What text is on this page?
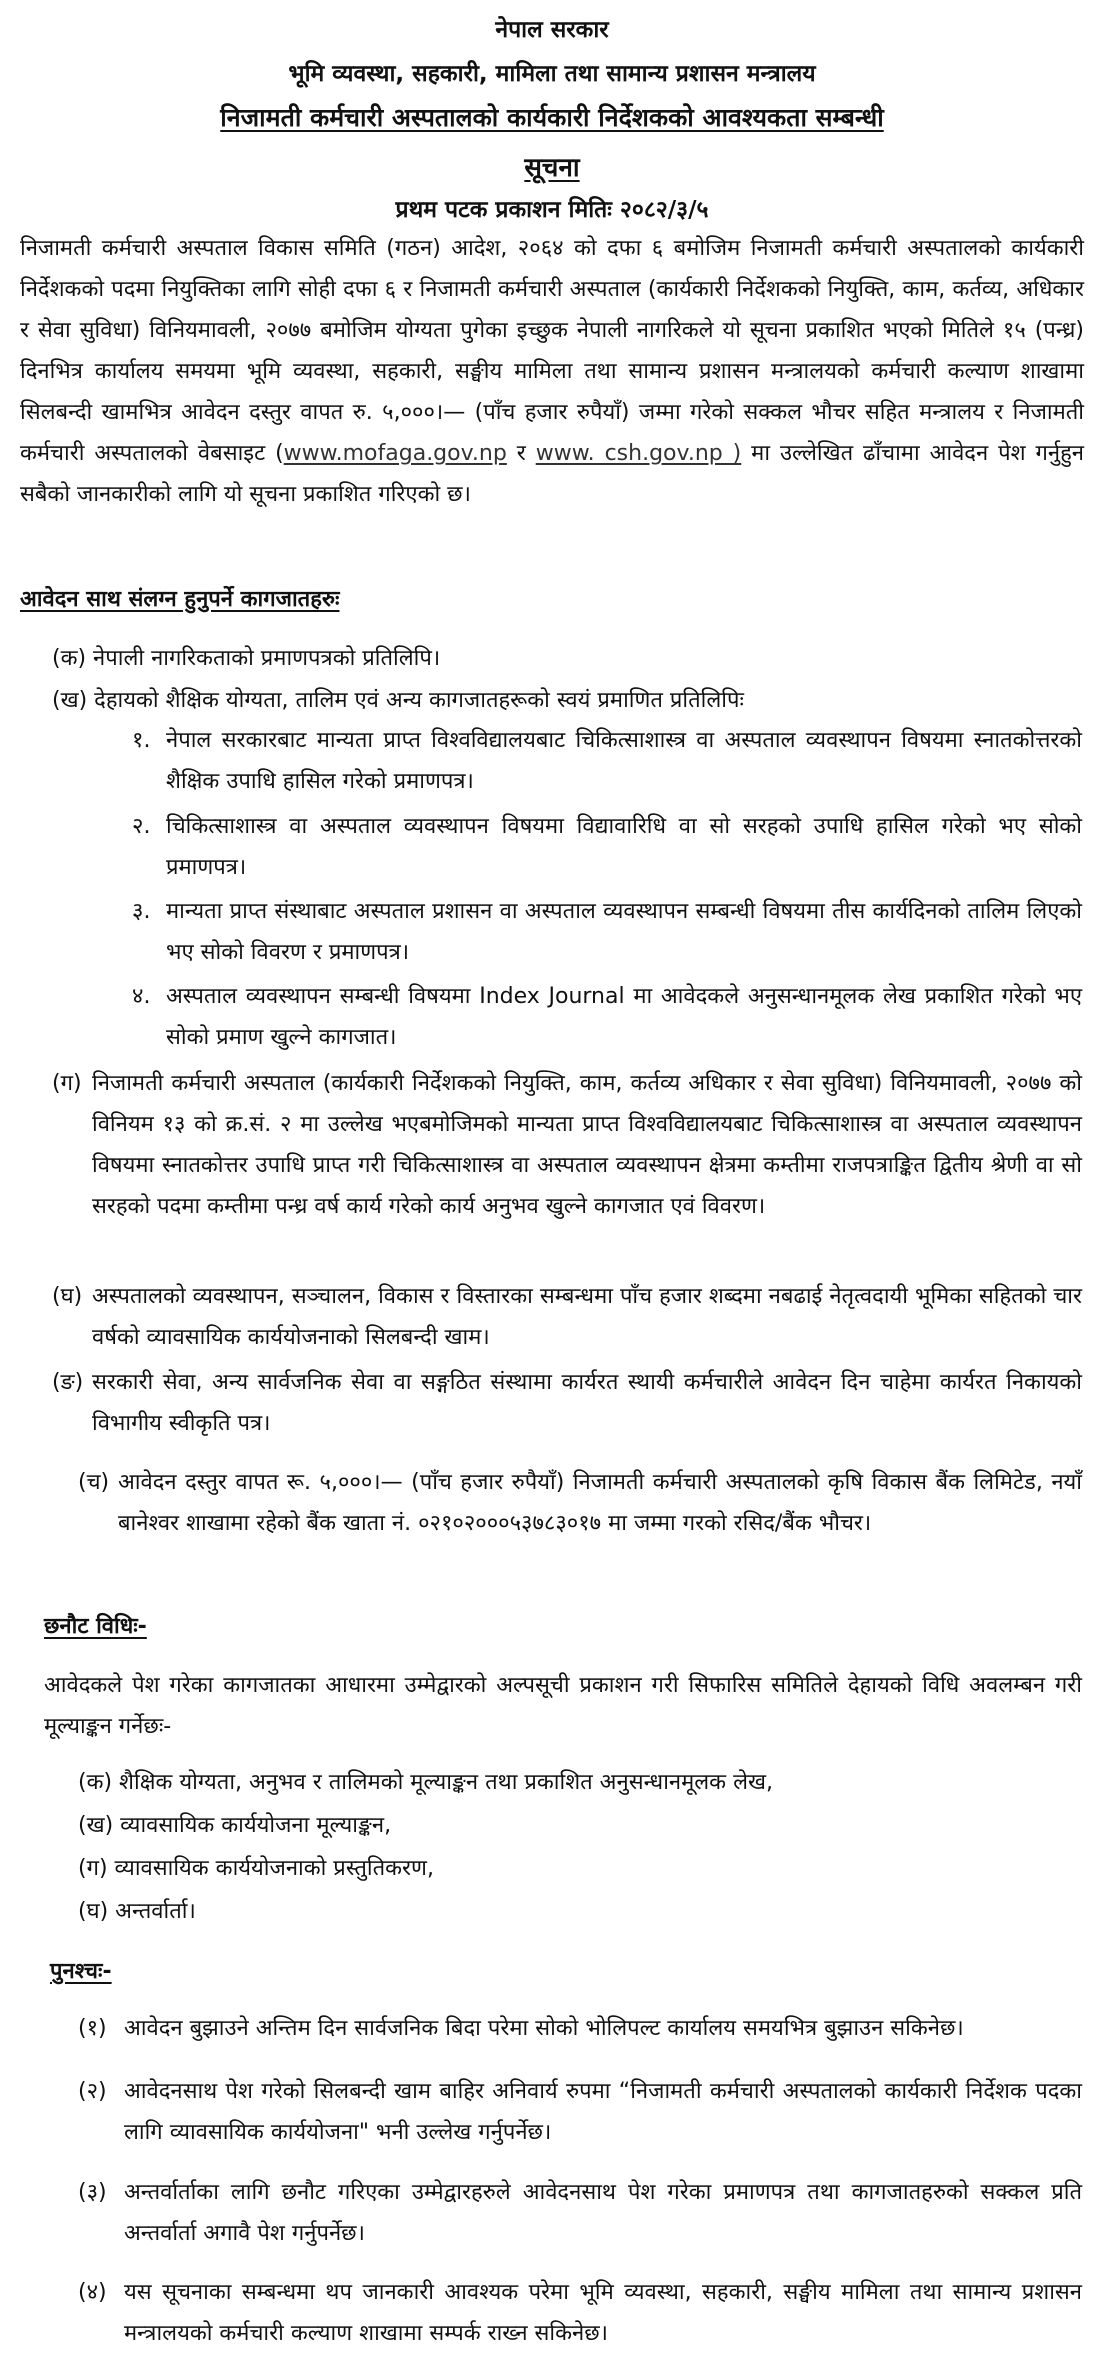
नेपाल सरकार
भूमि व्यवस्था, सहकारी, मामिला तथा सामान्य प्रशासन मन्त्रालय
निजामती कर्मचारी अस्पतालको कार्यकारी निर्देशकको आवश्यकता सम्बन्धी
सूचना
प्रथम पटक प्रकाशन मितिः २०८२/३/५

निजामती कर्मचारी अस्पताल विकास समिति (गठन) आदेश, २०६४ को दफा ६ बमोजिम निजामती कर्मचारी अस्पतालको कार्यकारी निर्देशकको पदमा नियुक्तिका लागि सोही दफा ६ र निजामती कर्मचारी अस्पताल (कार्यकारी निर्देशकको नियुक्ति, काम, कर्तव्य, अधिकार र सेवा सुविधा) विनियमावली, २०७७ बमोजिम योग्यता पुगेका इच्छुक नेपाली नागरिकले यो सूचना प्रकाशित भएको मितिले १५ (पन्ध्र) दिनभित्र कार्यालय समयमा भूमि व्यवस्था, सहकारी, सङ्घीय मामिला तथा सामान्य प्रशासन मन्त्रालयको कर्मचारी कल्याण शाखामा सिलबन्दी खामभित्र आवेदन दस्तुर वापत रु. ५,०००।— (पाँच हजार रुपैयाँ) जम्मा गरेको सक्कल भौचर सहित मन्त्रालय र निजामती कर्मचारी अस्पतालको वेबसाइट (www.mofaga.gov.np र www. csh.gov.np ) मा उल्लेखित ढाँचामा आवेदन पेश गर्नुहुन सबैको जानकारीको लागि यो सूचना प्रकाशित गरिएको छ।

आवेदन साथ संलग्न हुनुपर्ने कागजातहरुः

(क) नेपाली नागरिकताको प्रमाणपत्रको प्रतिलिपि।

(ख) देहायको शैक्षिक योग्यता, तालिम एवं अन्य कागजातहरूको स्वयं प्रमाणित प्रतिलिपिः

१. नेपाल सरकारबाट मान्यता प्राप्त विश्वविद्यालयबाट चिकित्साशास्त्र वा अस्पताल व्यवस्थापन विषयमा स्नातकोत्तरको शैक्षिक उपाधि हासिल गरेको प्रमाणपत्र।

२. चिकित्साशास्त्र वा अस्पताल व्यवस्थापन विषयमा विद्यावारिधि वा सो सरहको उपाधि हासिल गरेको भए सोको प्रमाणपत्र।

३. मान्यता प्राप्त संस्थाबाट अस्पताल प्रशासन वा अस्पताल व्यवस्थापन सम्बन्धी विषयमा तीस कार्यदिनको तालिम लिएको भए सोको विवरण र प्रमाणपत्र।

४. अस्पताल व्यवस्थापन सम्बन्धी विषयमा Index Journal मा आवेदकले अनुसन्धानमूलक लेख प्रकाशित गरेको भए सोको प्रमाण खुल्ने कागजात।

(ग) निजामती कर्मचारी अस्पताल (कार्यकारी निर्देशकको नियुक्ति, काम, कर्तव्य अधिकार र सेवा सुविधा) विनियमावली, २०७७ को विनियम १३ को क्र.सं. २ मा उल्लेख भएबमोजिमको मान्यता प्राप्त विश्वविद्यालयबाट चिकित्साशास्त्र वा अस्पताल व्यवस्थापन विषयमा स्नातकोत्तर उपाधि प्राप्त गरी चिकित्साशास्त्र वा अस्पताल व्यवस्थापन क्षेत्रमा कम्तीमा राजपत्राङ्कित द्वितीय श्रेणी वा सो सरहको पदमा कम्तीमा पन्ध्र वर्ष कार्य गरेको कार्य अनुभव खुल्ने कागजात एवं विवरण।

(घ) अस्पतालको व्यवस्थापन, सञ्चालन, विकास र विस्तारका सम्बन्धमा पाँच हजार शब्दमा नबढाई नेतृत्वदायी भूमिका सहितको चार वर्षको व्यावसायिक कार्ययोजनाको सिलबन्दी खाम।

(ङ) सरकारी सेवा, अन्य सार्वजनिक सेवा वा सङ्गठित संस्थामा कार्यरत स्थायी कर्मचारीले आवेदन दिन चाहेमा कार्यरत निकायको विभागीय स्वीकृति पत्र।

(च) आवेदन दस्तुर वापत रू. ५,०००।— (पाँच हजार रुपैयाँ) निजामती कर्मचारी अस्पतालको कृषि विकास बैंक लिमिटेड, नयाँ बानेश्वर शाखामा रहेको बैंक खाता नं. ०२१०२०००५३७८३०१७ मा जम्मा गरको रसिद/बैंक भौचर।

छनौट विधिः-

आवेदकले पेश गरेका कागजातका आधारमा उम्मेद्वारको अल्पसूची प्रकाशन गरी सिफारिस समितिले देहायको विधि अवलम्बन गरी मूल्याङ्कन गर्नेछः-

(क) शैक्षिक योग्यता, अनुभव र तालिमको मूल्याङ्कन तथा प्रकाशित अनुसन्धानमूलक लेख,

(ख) व्यावसायिक कार्ययोजना मूल्याङ्कन,

(ग) व्यावसायिक कार्ययोजनाको प्रस्तुतिकरण,

(घ) अन्तर्वार्ता।

पुनश्चः-
(१) आवेदन बुझाउने अन्तिम दिन सार्वजनिक बिदा परेमा सोको भोलिपल्ट कार्यालय समयभित्र बुझाउन सकिनेछ।

(२) आवेदनसाथ पेश गरेको सिलबन्दी खाम बाहिर अनिवार्य रुपमा “निजामती कर्मचारी अस्पतालको कार्यकारी निर्देशक पदका लागि व्यावसायिक कार्ययोजना" भनी उल्लेख गर्नुपर्नेछ।

(३) अन्तर्वार्ताका लागि छनौट गरिएका उम्मेद्वारहरुले आवेदनसाथ पेश गरेका प्रमाणपत्र तथा कागजातहरुको सक्कल प्रति अन्तर्वार्ता अगावै पेश गर्नुपर्नेछ।

(४) यस सूचनाका सम्बन्धमा थप जानकारी आवश्यक परेमा भूमि व्यवस्था, सहकारी, सङ्घीय मामिला तथा सामान्य प्रशासन मन्त्रालयको कर्मचारी कल्याण शाखामा सम्पर्क राख्न सकिनेछ।
